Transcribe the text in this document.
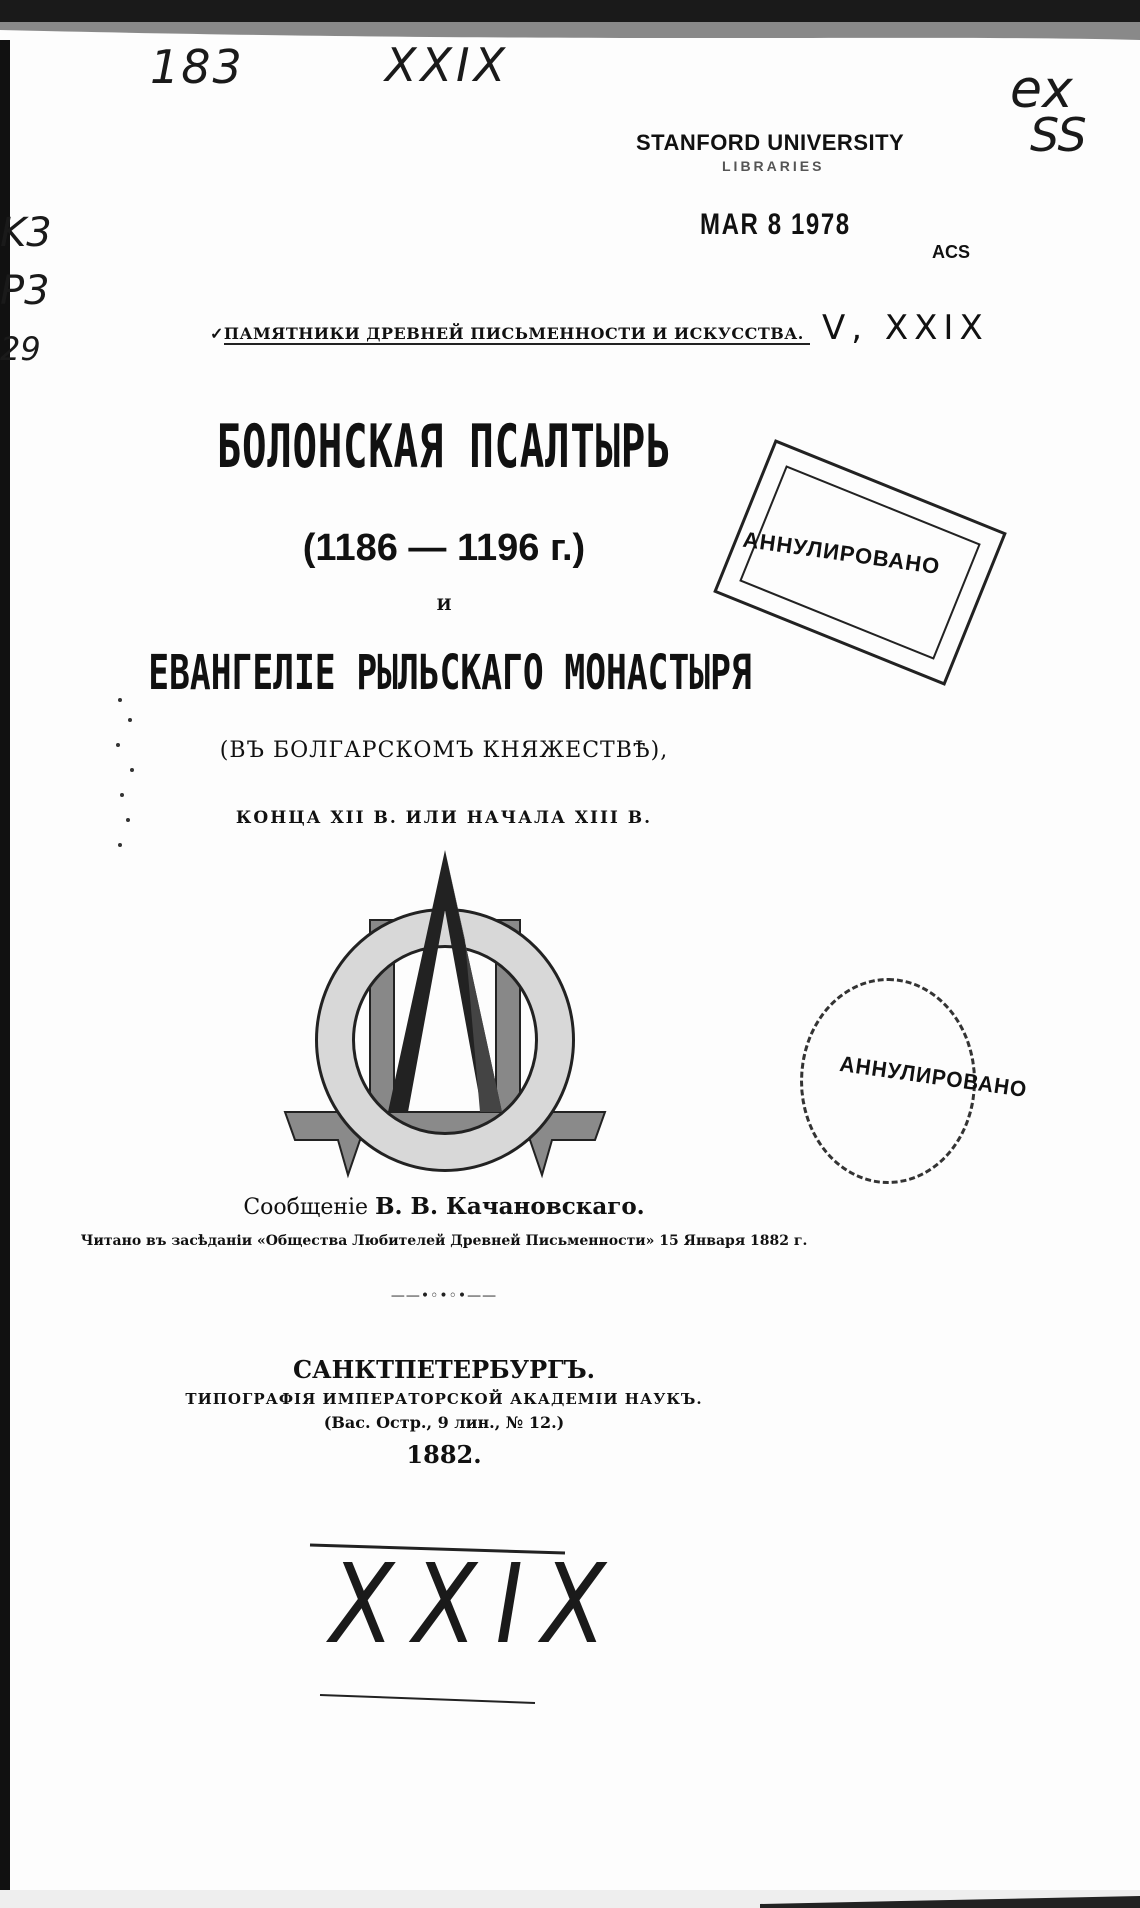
183	XXIX	ex
SS
K3
P3
29
STANFORD UNIVERSITY
LIBRARIES
MAR 8 1978
ACS
✓ПАМЯТНИКИ ДРЕВНЕЙ ПИСЬМЕННОСТИ И ИСКУССТВА. V, XXIX
БОЛОНСКАЯ ПСАЛТЫРЬ
(1186 — 1196 г.)
И
ЕВАНГЕЛІЕ РЫЛЬСКАГО МОНАСТЫРЯ
(ВЪ БОЛГАРСКОМЪ КНЯЖЕСТВѢ),
КОНЦА XII В. ИЛИ НАЧАЛА XIII В.
Сообщеніе В. В. Качановскаго.
Читано въ засѣданіи «Общества Любителей Древней Письменности» 15 Января 1882 г.
——•◦•◦•——
САНКТПЕТЕРБУРГЪ.
ТИПОГРАФІЯ ИМПЕРАТОРСКОЙ АКАДЕМІИ НАУКЪ.
(Вас. Остр., 9 лин., № 12.)
1882.
АННУЛИРОВАНО
АННУЛИРОВАНО
XXIX
